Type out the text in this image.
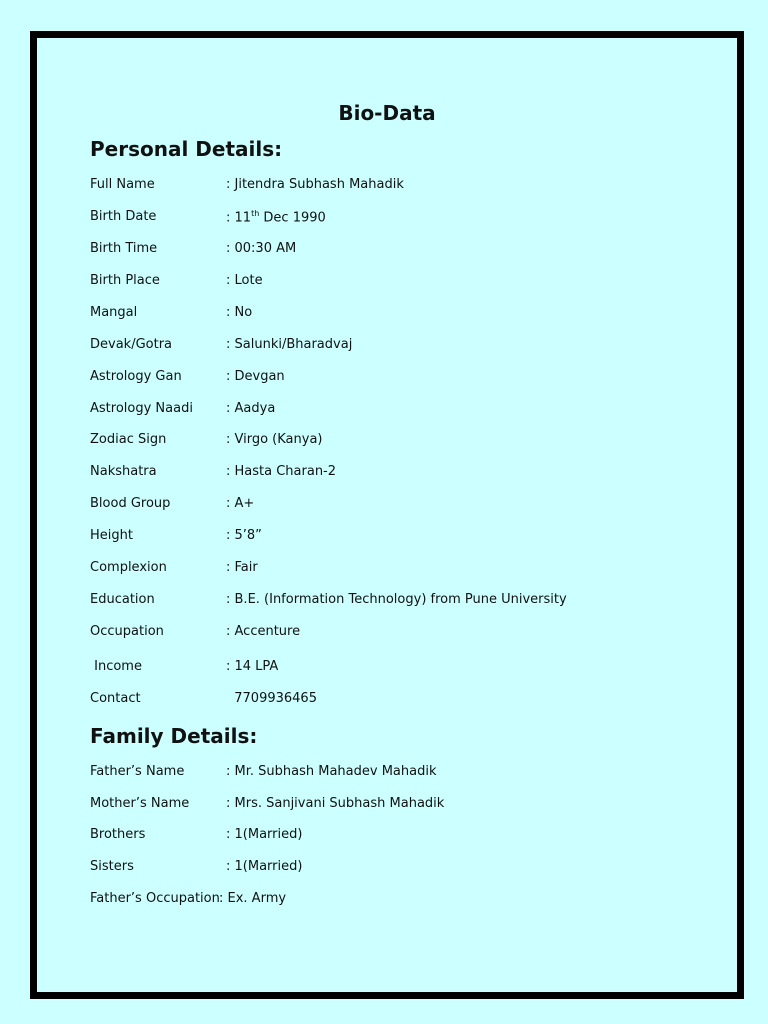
Bio-Data
Personal Details:
Full Name	: Jitendra Subhash Mahadik
Birth Date	: 11th Dec 1990
Birth Time	: 00:30 AM
Birth Place	: Lote
Mangal	: No
Devak/Gotra	: Salunki/Bharadvaj
Astrology Gan	: Devgan
Astrology Naadi	: Aadya
Zodiac Sign	: Virgo (Kanya)
Nakshatra	: Hasta Charan-2
Blood Group	: A+
Height	: 5’8”
Complexion	: Fair
Education	: B.E. (Information Technology) from Pune University
Occupation	: Accenture
Income	: 14 LPA
Contact	7709936465
Family Details:
Father’s Name	: Mr. Subhash Mahadev Mahadik
Mother’s Name	: Mrs. Sanjivani Subhash Mahadik
Brothers	: 1(Married)
Sisters	: 1(Married)
Father’s Occupation : Ex. Army
